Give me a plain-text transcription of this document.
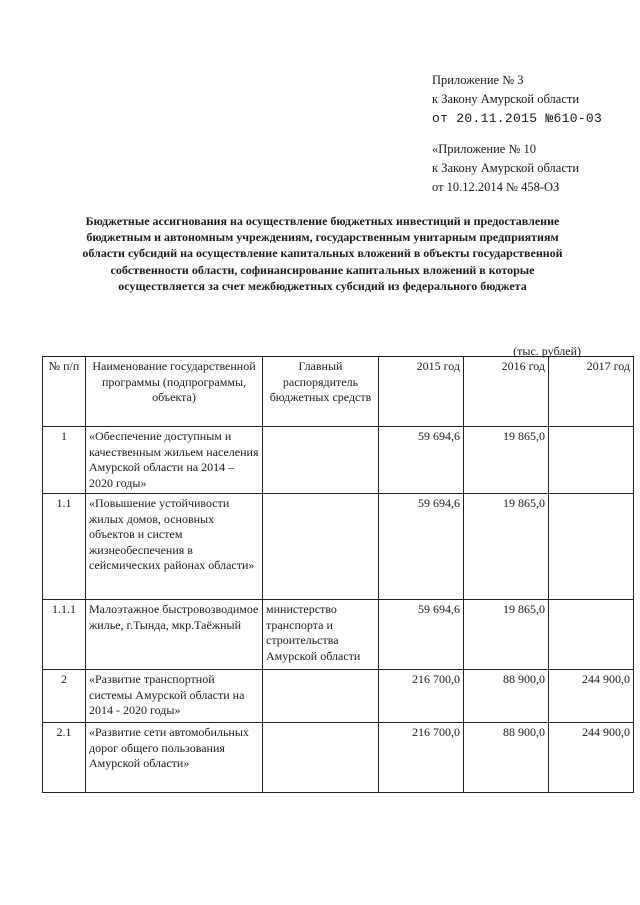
Приложение № 3
к Закону Амурской области
от 20.11.2015 №610-03
«Приложение № 10
к Закону Амурской области
от 10.12.2014 № 458-ОЗ
Бюджетные ассигнования на осуществление бюджетных инвестиций и предоставление
бюджетным и автономным учреждениям, государственным унитарным предприятиям
области субсидий на осуществление капитальных вложений в объекты государственной
собственности области, софинансирование капитальных вложений в которые
осуществляется за счет межбюджетных субсидий из федерального бюджета
(тыс. рублей)
№ п/п	Наименование государственной программы (подпрограммы, объекта)	Главный распорядитель бюджетных средств	2015 год	2016 год	2017 год
1	«Обеспечение доступным и качественным жильем населения Амурской области на 2014 – 2020 годы»		59 694,6	19 865,0	
1.1	«Повышение устойчивости жилых домов, основных объектов и систем жизнеобеспечения в сейсмических районах области»		59 694,6	19 865,0	
1.1.1	Малоэтажное быстровозводимое жилье, г.Тында, мкр.Таёжный	министерство транспорта и строительства Амурской области	59 694,6	19 865,0	
2	«Развитие транспортной системы Амурской области на 2014 - 2020 годы»		216 700,0	88 900,0	244 900,0
2.1	«Развитие сети автомобильных дорог общего пользования Амурской области»		216 700,0	88 900,0	244 900,0
